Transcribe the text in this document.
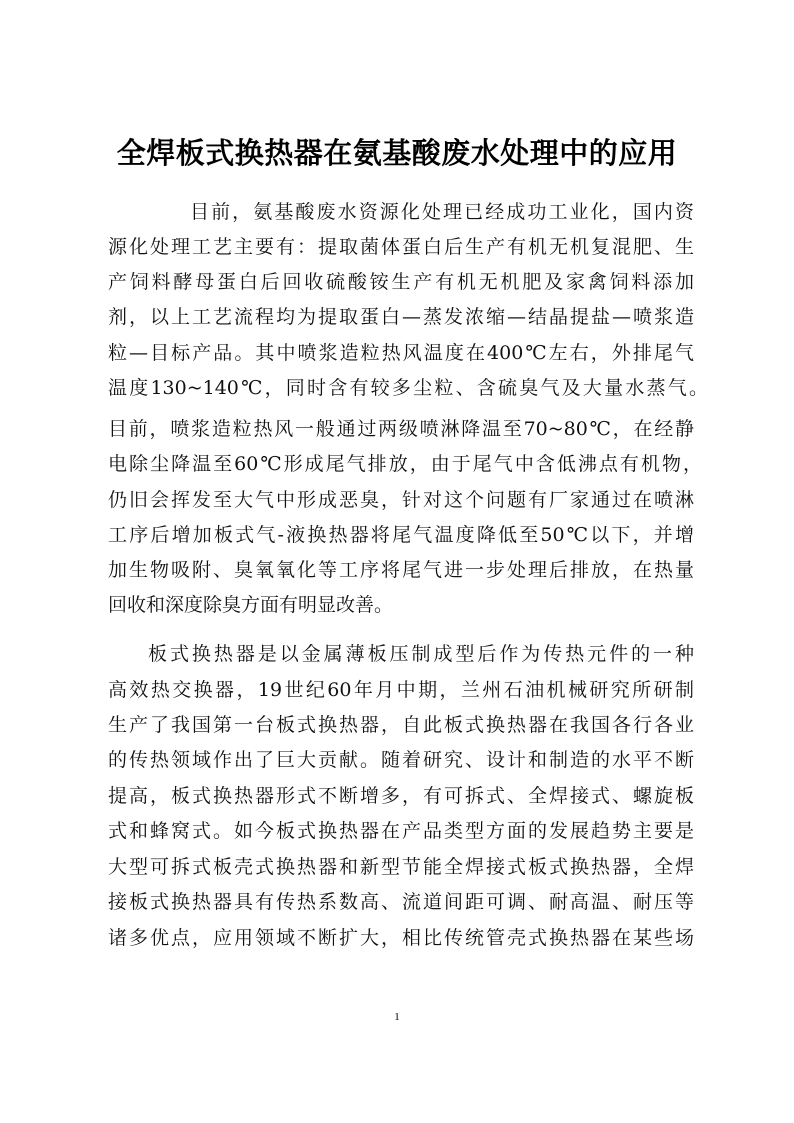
全焊板式换热器在氨基酸废水处理中的应用
目前，氨基酸废水资源化处理已经成功工业化，国内资
源化处理工艺主要有：提取菌体蛋白后生产有机无机复混肥、生
产饲料酵母蛋白后回收硫酸铵生产有机无机肥及家禽饲料添加
剂，以上工艺流程均为提取蛋白—蒸发浓缩—结晶提盐—喷浆造
粒—目标产品。其中喷浆造粒热风温度在400℃左右，外排尾气
温度130~140℃，同时含有较多尘粒、含硫臭气及大量水蒸气。
目前，喷浆造粒热风一般通过两级喷淋降温至70~80℃，在经静
电除尘降温至60℃形成尾气排放，由于尾气中含低沸点有机物，
仍旧会挥发至大气中形成恶臭，针对这个问题有厂家通过在喷淋
工序后增加板式气-液换热器将尾气温度降低至50℃以下，并增
加生物吸附、臭氧氧化等工序将尾气进一步处理后排放，在热量
回收和深度除臭方面有明显改善。
板式换热器是以金属薄板压制成型后作为传热元件的一种
高效热交换器，19世纪60年月中期，兰州石油机械研究所研制
生产了我国第一台板式换热器，自此板式换热器在我国各行各业
的传热领域作出了巨大贡献。随着研究、设计和制造的水平不断
提高，板式换热器形式不断增多，有可拆式、全焊接式、螺旋板
式和蜂窝式。如今板式换热器在产品类型方面的发展趋势主要是
大型可拆式板壳式换热器和新型节能全焊接式板式换热器，全焊
接板式换热器具有传热系数高、流道间距可调、耐高温、耐压等
诸多优点，应用领域不断扩大，相比传统管壳式换热器在某些场
1
